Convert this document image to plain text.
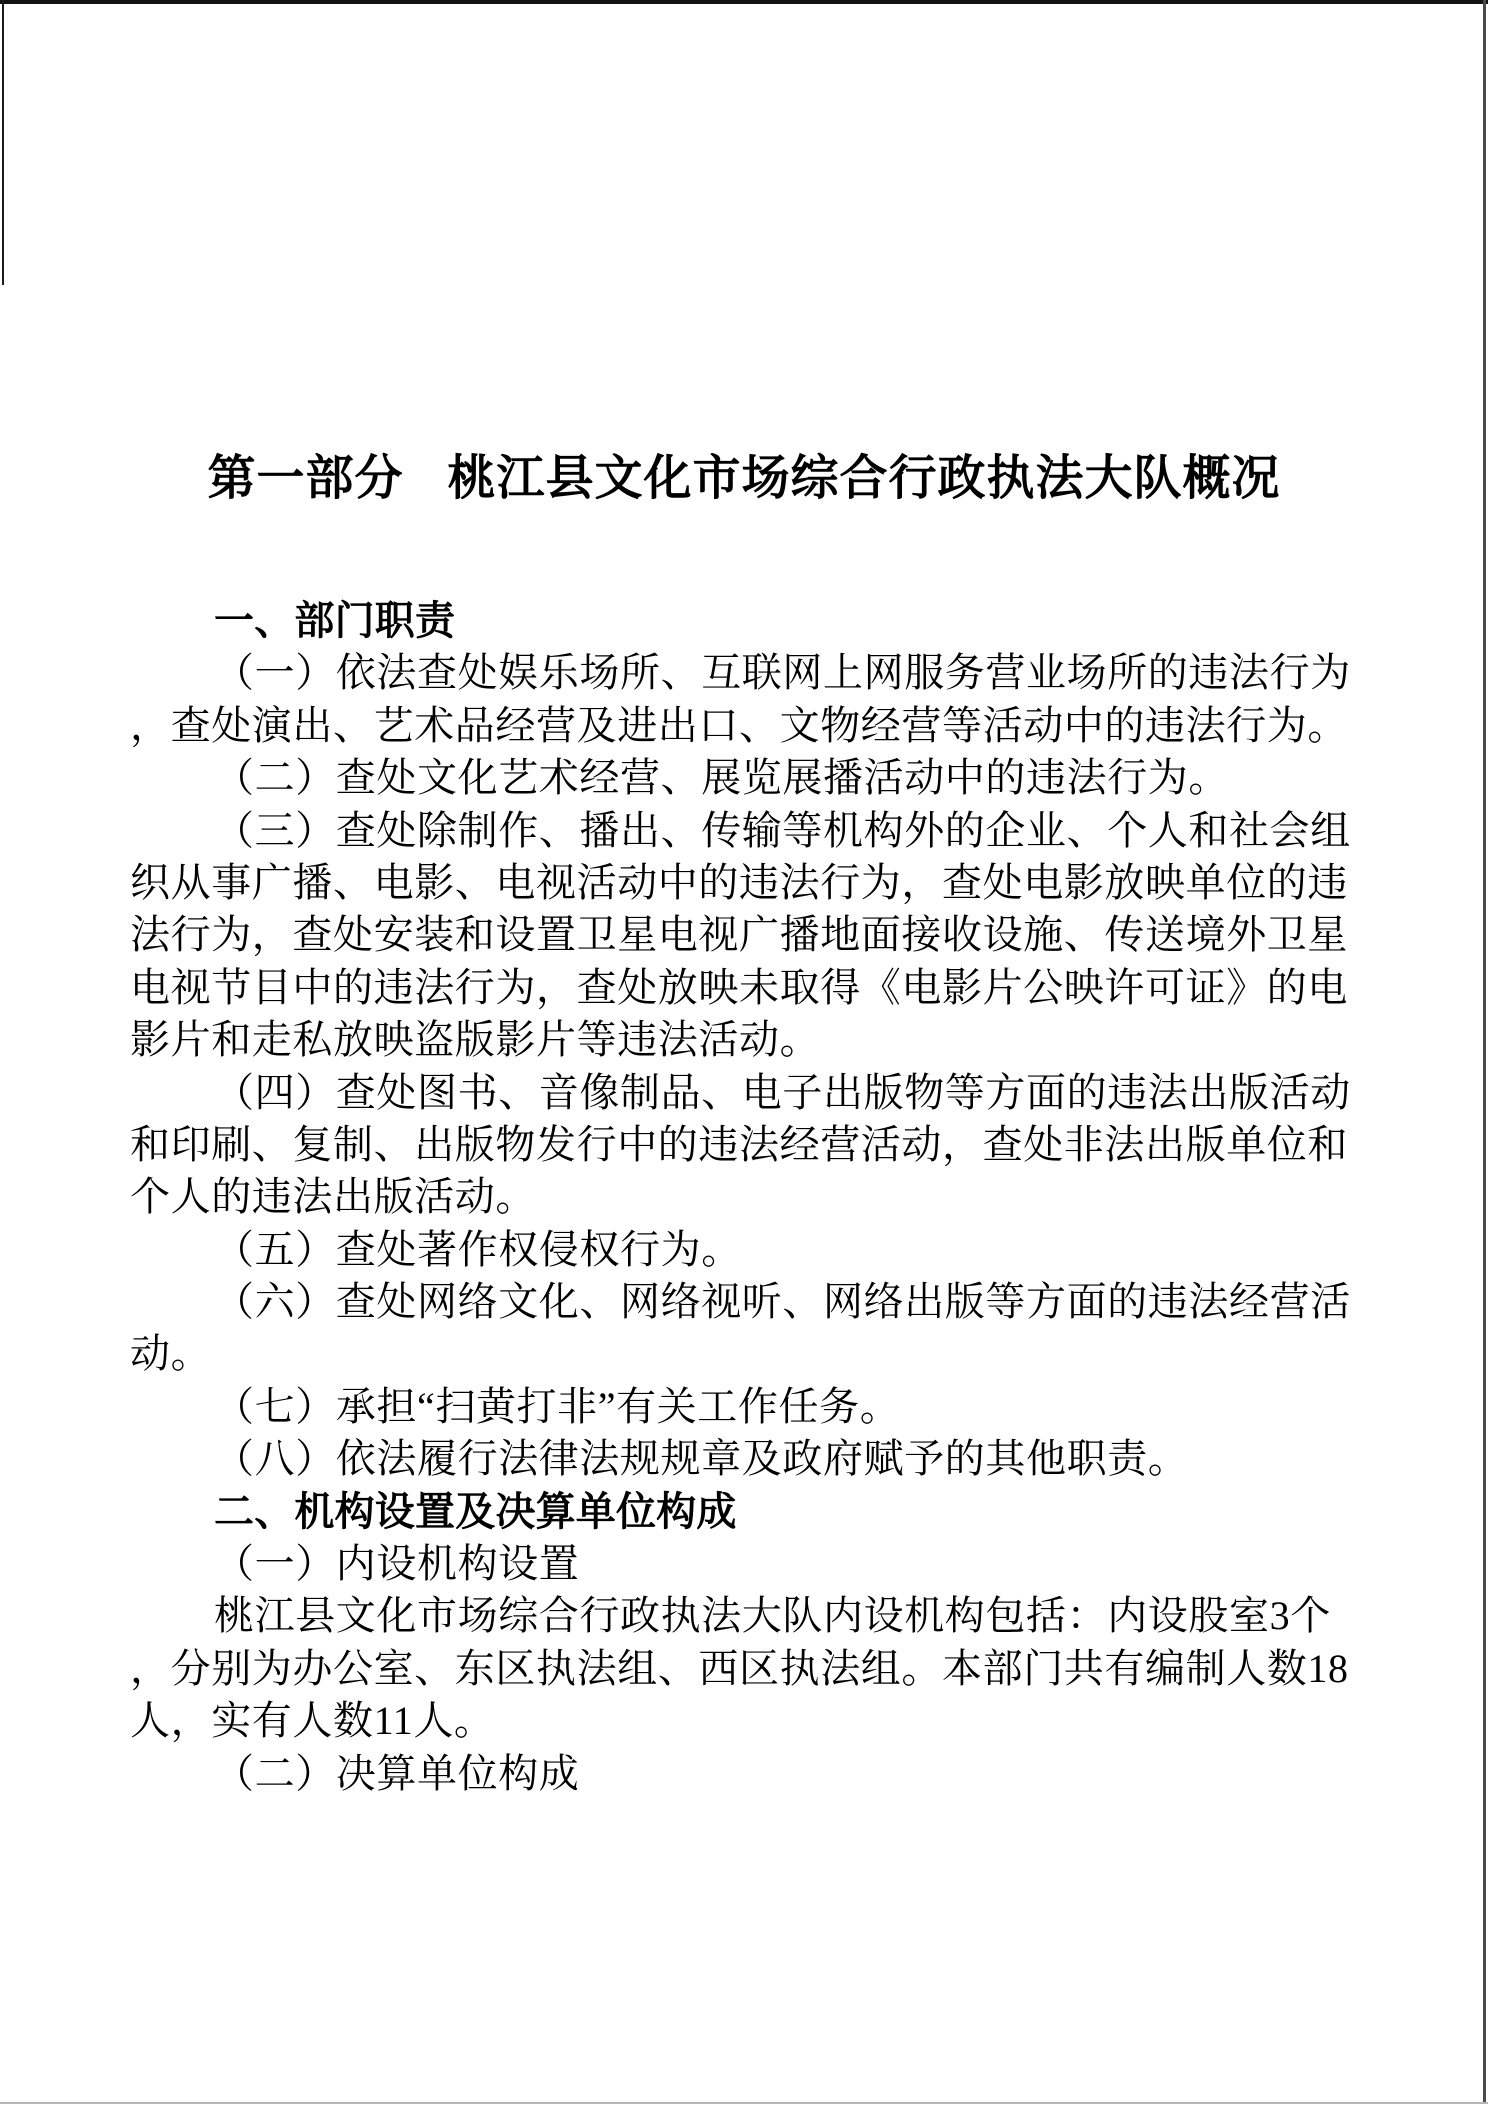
第一部分 桃江县文化市场综合行政执法大队概况
一、部门职责
（一）依法查处娱乐场所、互联网上网服务营业场所的违法行为
，查处演出、艺术品经营及进出口、文物经营等活动中的违法行为。
（二）查处文化艺术经营、展览展播活动中的违法行为。
（三）查处除制作、播出、传输等机构外的企业、个人和社会组
织从事广播、电影、电视活动中的违法行为，查处电影放映单位的违
法行为，查处安装和设置卫星电视广播地面接收设施、传送境外卫星
电视节目中的违法行为，查处放映未取得《电影片公映许可证》的电
影片和走私放映盗版影片等违法活动。
（四）查处图书、音像制品、电子出版物等方面的违法出版活动
和印刷、复制、出版物发行中的违法经营活动，查处非法出版单位和
个人的违法出版活动。
（五）查处著作权侵权行为。
（六）查处网络文化、网络视听、网络出版等方面的违法经营活
动。
（七）承担“扫黄打非”有关工作任务。
（八）依法履行法律法规规章及政府赋予的其他职责。
二、机构设置及决算单位构成
（一）内设机构设置
桃江县文化市场综合行政执法大队内设机构包括：内设股室3个
，分别为办公室、东区执法组、西区执法组。本部门共有编制人数18
人，实有人数11人。
（二）决算单位构成
